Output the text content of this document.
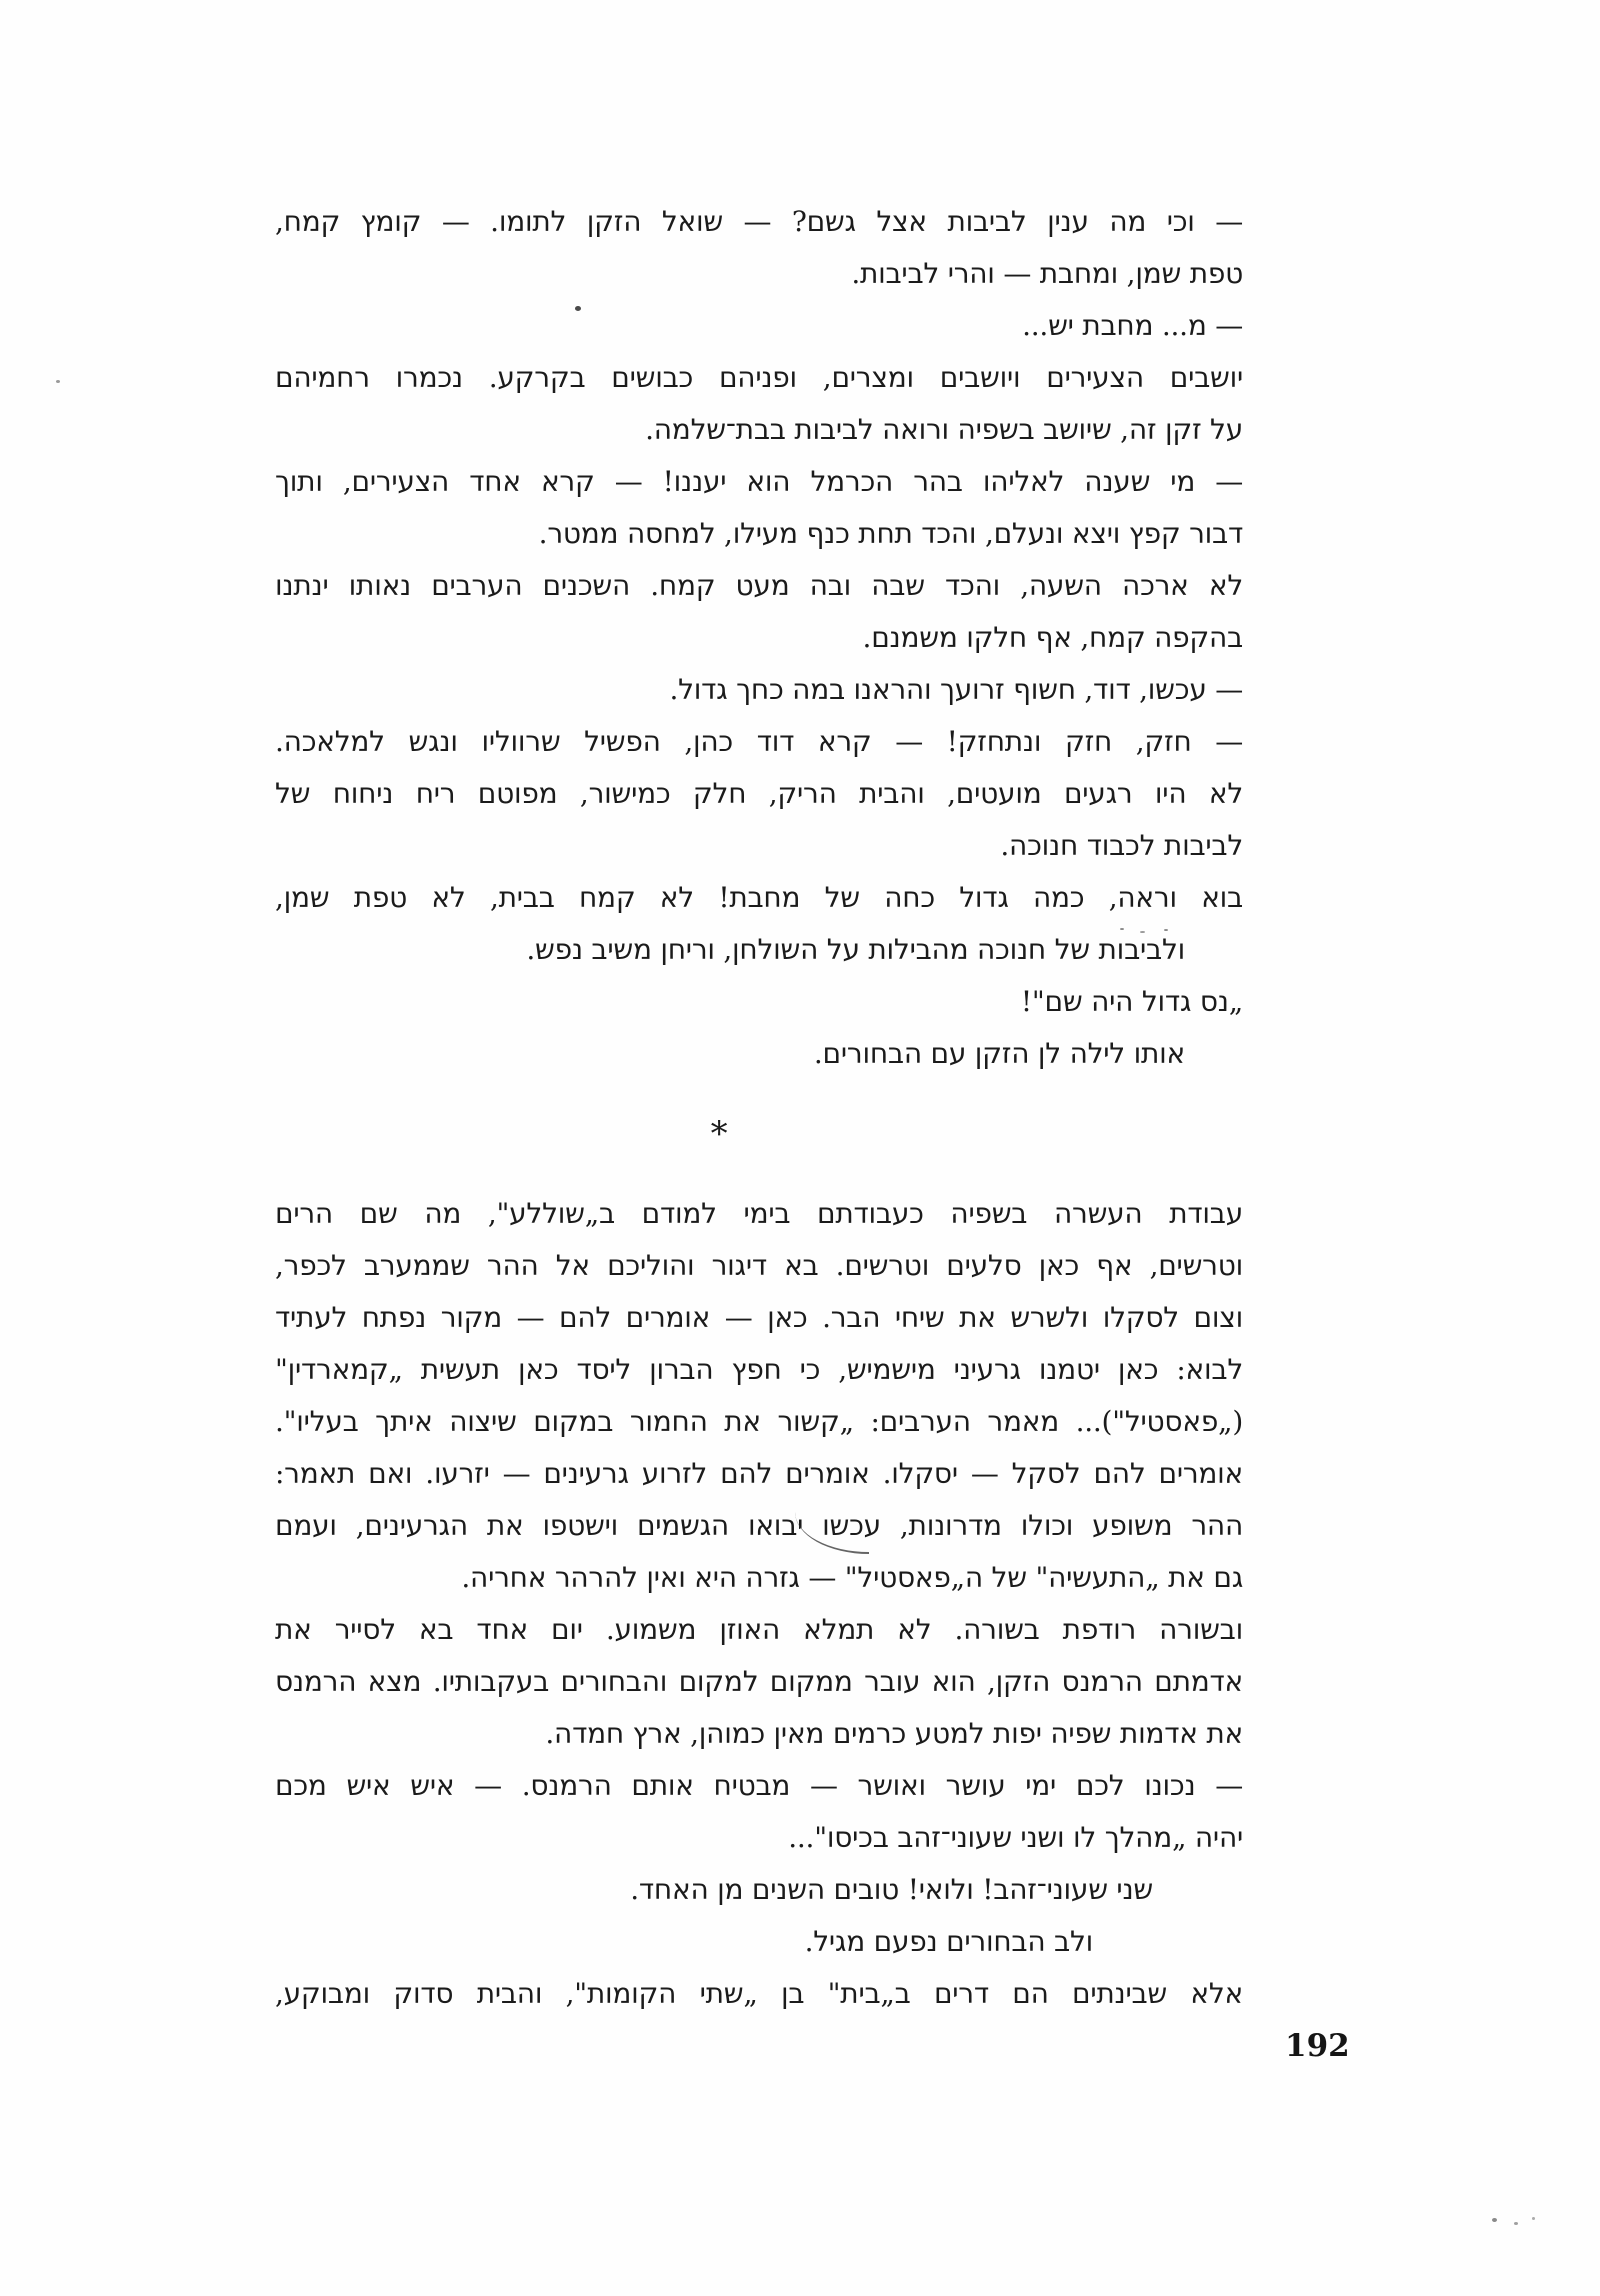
— וכי מה ענין לביבות אצל גשם? — שואל הזקן לתומו. — קומץ קמח,
טפת שמן, ומחבת — והרי לביבות.
— מ... מחבת יש...
יושבים הצעירים ויושבים ומצרים, ופניהם כבושים בקרקע. נכמרו רחמיהם
על זקן זה, שיושב בשפיה ורואה לביבות בבת־שלמה.
— מי שענה לאליהו בהר הכרמל הוא יעננו! — קרא אחד הצעירים, ותוך
דבור קפץ ויצא ונעלם, והכד תחת כנף מעילו, למחסה ממטר.
לא ארכה השעה, והכד שבה ובה מעט קמח. השכנים הערבים נאותו ינתנו
בהקפה קמח, אף חלקו משמנם.
— עכשו, דוד, חשוף זרועך והראנו במה כחך גדול.
— חזק, חזק ונתחזק! — קרא דוד כהן, הפשיל שרווליו ונגש למלאכה.
לא היו רגעים מועטים, והבית הריק, חלק כמישור, מפוטם ריח ניחוח של
לביבות לכבוד חנוכה.
בוא וראה, כמה גדול כחה של מחבת! לא קמח בבית, לא טפת שמן,
ולביבות של חנוכה מהבילות על השולחן, וריחן משיב נפש.
„נס גדול היה שם"!
אותו לילה לן הזקן עם הבחורים.
*
עבודת העשרה בשפיה כעבודתם בימי למודם ב„שוללע", מה שם הרים
וטרשים, אף כאן סלעים וטרשים. בא דיגור והוליכם אל ההר שממערב לכפר,
וצום לסקלו ולשרש את שיחי הבר. כאן — אומרים להם — מקור נפתח לעתיד
לבוא: כאן יטמנו גרעיני מישמיש, כי חפץ הברון ליסד כאן תעשית „קמארדין"
(„פאסטיל")... מאמר הערבים: „קשור את החמור במקום שיצוה איתך בעליו".
אומרים להם לסקל — יסקלו. אומרים להם לזרוע גרעינים — יזרעו. ואם תאמר:
ההר משופע וכולו מדרונות, עכשו יבואו הגשמים וישטפו את הגרעינים, ועמם
גם את „התעשיה" של ה„פאסטיל" — גזרה היא ואין להרהר אחריה.
ובשורה רודפת בשורה. לא תמלא האוזן משמוע. יום אחד בא לסייר את
אדמתם הרמנס הזקן, הוא עובר ממקום למקום והבחורים בעקבותיו. מצא הרמנס
את אדמות שפיה יפות למטע כרמים מאין כמוהן, ארץ חמדה.
— נכונו לכם ימי עושר ואושר — מבטיח אותם הרמנס. — איש איש מכם
יהיה „מהלך לו ושני שעוני־זהב בכיסו"...
שני שעוני־זהב! ולואי! טובים השנים מן האחד.
ולב הבחורים נפעם מגיל.
אלא שבינתים הם דרים ב„בית" בן „שתי הקומות", והבית סדוק ומבוקע,
192
